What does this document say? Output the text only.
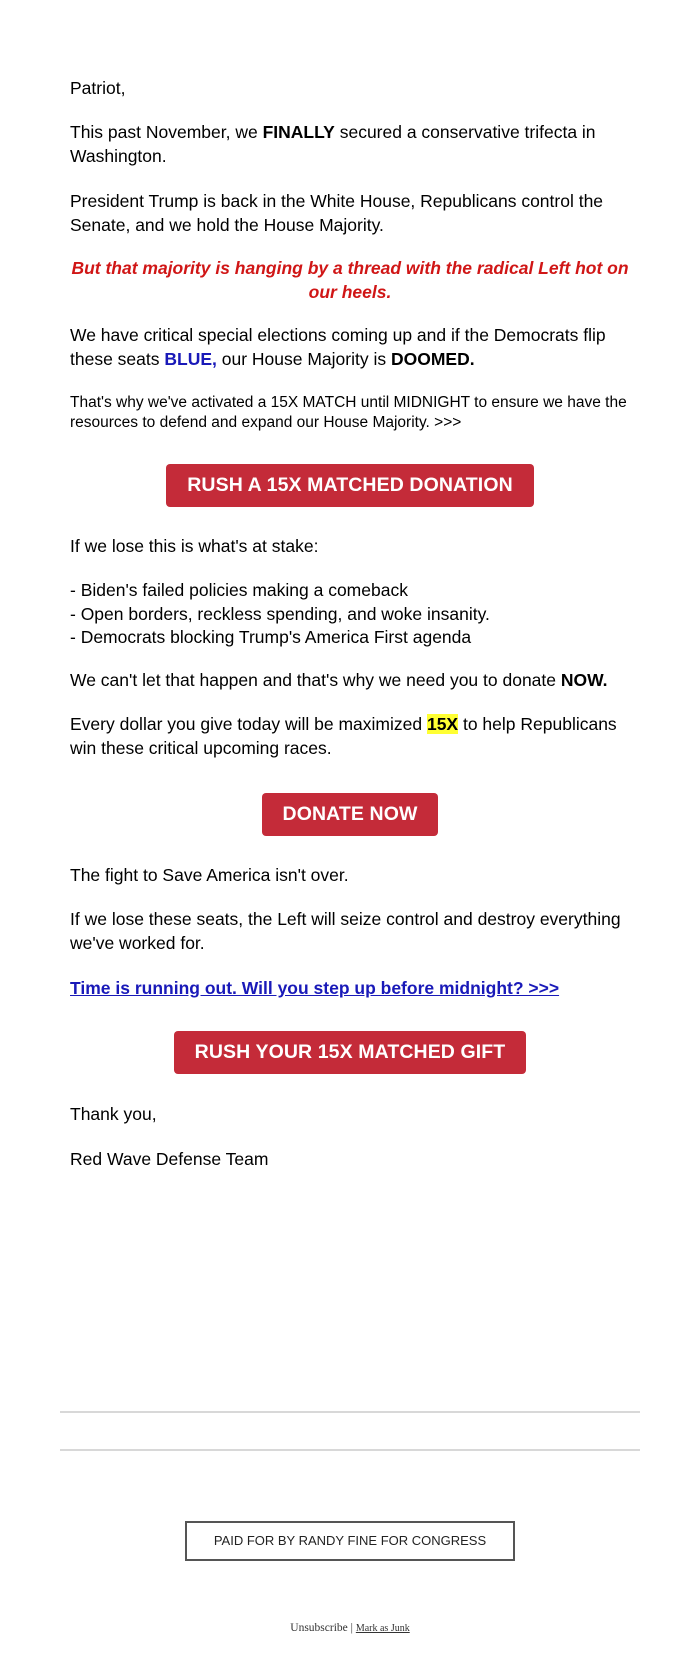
Patriot,

This past November, we FINALLY secured a conservative trifecta in Washington.

President Trump is back in the White House, Republicans control the Senate, and we hold the House Majority.

But that majority is hanging by a thread with the radical Left hot on our heels.

We have critical special elections coming up and if the Democrats flip these seats BLUE, our House Majority is DOOMED.

That's why we've activated a 15X MATCH until MIDNIGHT to ensure we have the resources to defend and expand our House Majority. >>>

RUSH A 15X MATCHED DONATION

If we lose this is what's at stake:

- Biden's failed policies making a comeback
- Open borders, reckless spending, and woke insanity.
- Democrats blocking Trump's America First agenda

We can't let that happen and that's why we need you to donate NOW.

Every dollar you give today will be maximized 15X to help Republicans win these critical upcoming races.

DONATE NOW

The fight to Save America isn't over.

If we lose these seats, the Left will seize control and destroy everything we've worked for.

Time is running out. Will you step up before midnight? >>>

RUSH YOUR 15X MATCHED GIFT

Thank you,

Red Wave Defense Team

PAID FOR BY RANDY FINE FOR CONGRESS
Unsubscribe | Mark as Junk
